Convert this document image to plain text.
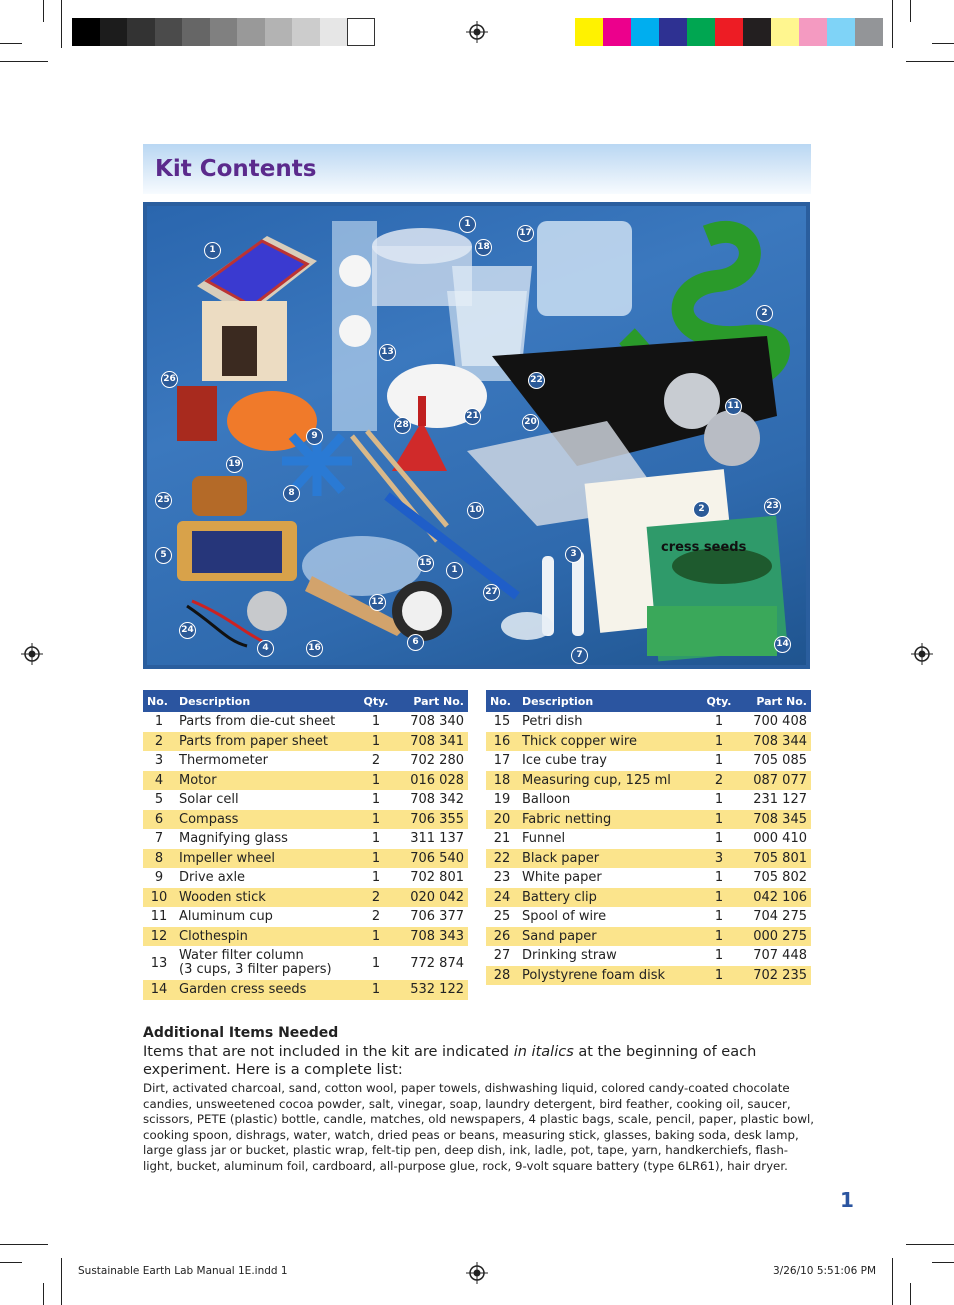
Kit Contents
cress seeds
1
1
17
18
2
13
26	22
11
21
20
28
9
19
8
25
10	2	23
5	3
15
1
27
12
24
4	16
6
7
14
No.	Description	Qty.	Part No.
1	Parts from die-cut sheet	1	708 340
2	Parts from paper sheet	1	708 341
3	Thermometer	2	702 280
4	Motor	1	016 028
5	Solar cell	1	708 342
6	Compass	1	706 355
7	Magnifying glass	1	311 137
8	Impeller wheel	1	706 540
9	Drive axle	1	702 801
10	Wooden stick	2	020 042
11	Aluminum cup	2	706 377
12	Clothespin	1	708 343
13	Water filter column
(3 cups, 3 filter papers)	1	772 874
14	Garden cress seeds	1	532 122
No.	Description	Qty.	Part No.
15	Petri dish	1	700 408
16	Thick copper wire	1	708 344
17	Ice cube tray	1	705 085
18	Measuring cup, 125 ml	2	087 077
19	Balloon	1	231 127
20	Fabric netting	1	708 345
21	Funnel	1	000 410
22	Black paper	3	705 801
23	White paper	1	705 802
24	Battery clip	1	042 106
25	Spool of wire	1	704 275
26	Sand paper	1	000 275
27	Drinking straw	1	707 448
28	Polystyrene foam disk	1	702 235
Additional Items Needed
Items that are not included in the kit are indicated in italics at the beginning of each experiment. Here is a complete list:
Dirt, activated charcoal, sand, cotton wool, paper towels, dishwashing liquid, colored candy-coated chocolate candies, unsweetened cocoa powder, salt, vinegar, soap, laundry detergent, bird feather, cooking oil, saucer, scissors, PETE (plastic) bottle, candle, matches, old newspapers, 4 plastic bags, scale, pencil, paper, plastic bowl, cooking spoon, dishrags, water, watch, dried peas or beans, measuring stick, glasses, baking soda, desk lamp, large glass jar or bucket, plastic wrap, felt-tip pen, deep dish, ink, ladle, pot, tape, yarn, handkerchiefs, flash-light, bucket, aluminum foil, cardboard, all-purpose glue, rock, 9-volt square battery (type 6LR61), hair dryer.
1
Sustainable Earth Lab Manual 1E.indd 1	3/26/10 5:51:06 PM
